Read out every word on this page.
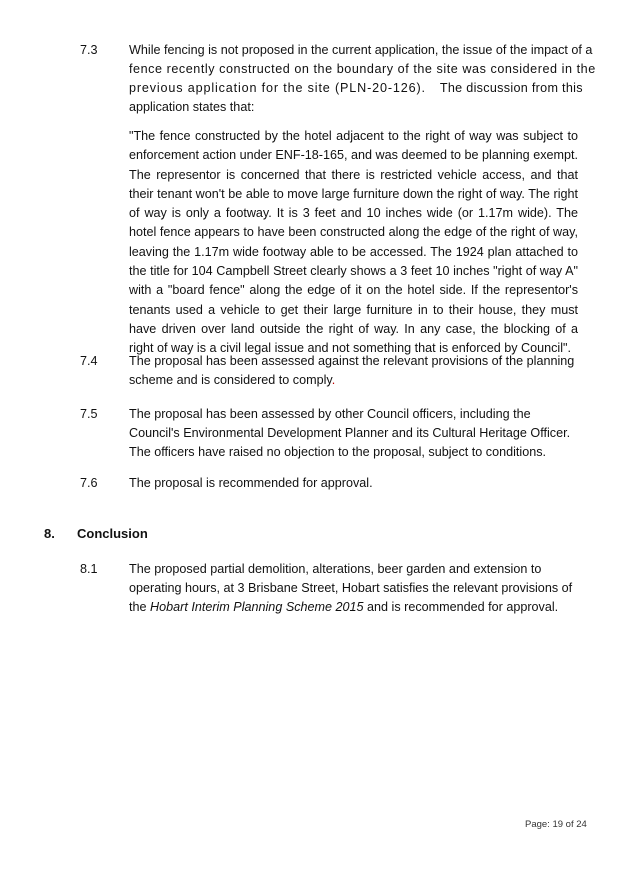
7.3 While fencing is not proposed in the current application, the issue of the impact of a
fence recently constructed on the boundary of the site was considered in the
previous application for the site (PLN-20-126). The discussion from this
application states that:
"The fence constructed by the hotel adjacent to the right of way was subject to enforcement action under ENF-18-165, and was deemed to be planning exempt. The representor is concerned that there is restricted vehicle access, and that their tenant won't be able to move large furniture down the right of way. The right of way is only a footway. It is 3 feet and 10 inches wide (or 1.17m wide). The hotel fence appears to have been constructed along the edge of the right of way, leaving the 1.17m wide footway able to be accessed. The 1924 plan attached to the title for 104 Campbell Street clearly shows a 3 feet 10 inches "right of way A" with a "board fence" along the edge of it on the hotel side. If the representor's tenants used a vehicle to get their large furniture in to their house, they must have driven over land outside the right of way. In any case, the blocking of a right of way is a civil legal issue and not something that is enforced by Council".
7.4 The proposal has been assessed against the relevant provisions of the planning scheme and is considered to comply.
7.5 The proposal has been assessed by other Council officers, including the Council's Environmental Development Planner and its Cultural Heritage Officer. The officers have raised no objection to the proposal, subject to conditions.
7.6 The proposal is recommended for approval.
8. Conclusion
8.1 The proposed partial demolition, alterations, beer garden and extension to operating hours, at 3 Brisbane Street, Hobart satisfies the relevant provisions of the Hobart Interim Planning Scheme 2015 and is recommended for approval.
Page: 19 of 24
